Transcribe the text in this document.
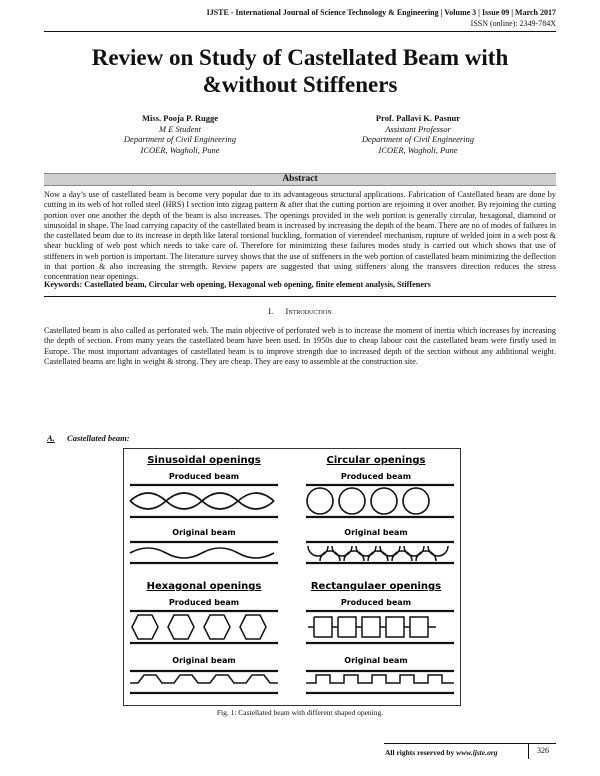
IJSTE - International Journal of Science Technology & Engineering | Volume 3 | Issue 09 | March 2017
ISSN (online): 2349-784X
Review on Study of Castellated Beam with
&without Stiffeners
Miss. Pooja P. Rugge
M E Student
Department of Civil Engineering
ICOER, Wagholi, Pune
Prof. Pallavi K. Pasnur
Assistant Professor
Department of Civil Engineering
ICOER, Wagholi, Pune
Abstract
Now a day’s use of castellated beam is become very popular due to its advantageous structural applications. Fabrication of Castellated beam are done by cutting in its web of hot rolled steel (HRS) I section into zigzag pattern & after that the cutting portion are rejoining it over another. By rejoining the cutting portion over one another the depth of the beam is also increases. The openings provided in the web portion is generally circular, hexagonal, diamond or sinusoidal in shape. The load carrying capacity of the castellated beam is increased by increasing the depth of the beam. There are no of modes of failures in the castellated beam due to its increase in depth like lateral torsional buckling, formation of vierendeel mechanism, rupture of welded joint in a web post & shear buckling of web post which needs to take care of. Therefore for minimizing these failures modes study is carried out which shows that use of stiffeners in web portion is important. The literature survey shows that the use of stiffeners in the web portion of castellated beam minimizing the deflection in that portion & also increasing the strength. Review papers are suggested that using stiffeners along the transvers direction reduces the stress concentration near openings.
Keywords: Castellated beam, Circular web opening, Hexagonal web opening, finite element analysis, Stiffeners
I. Introduction
Castellated beam is also called as perforated web. The main objective of perforated web is to increase the moment of inertia which increases by increasing the depth of section. From many years the castellated beam have been used. In 1950s due to cheap labour cost the castellated beam were firstly used in Europe. The most important advantages of castellated beam is to improve strength due to increased depth of the section without any additional weight. Castellated beams are light in weight & strong. They are cheap. They are easy to assemble at the construction site.
A. Castellated beam:
Sinusoidal openings
Produced beam
Original beam
Circular openings
Produced beam
Original beam
Hexagonal openings
Produced beam
Original beam
Rectangulaer openings
Produced beam
Original beam
Fig. 1: Castellated beam with different shaped opening.
All rights reserved by www.ijste.org	326
